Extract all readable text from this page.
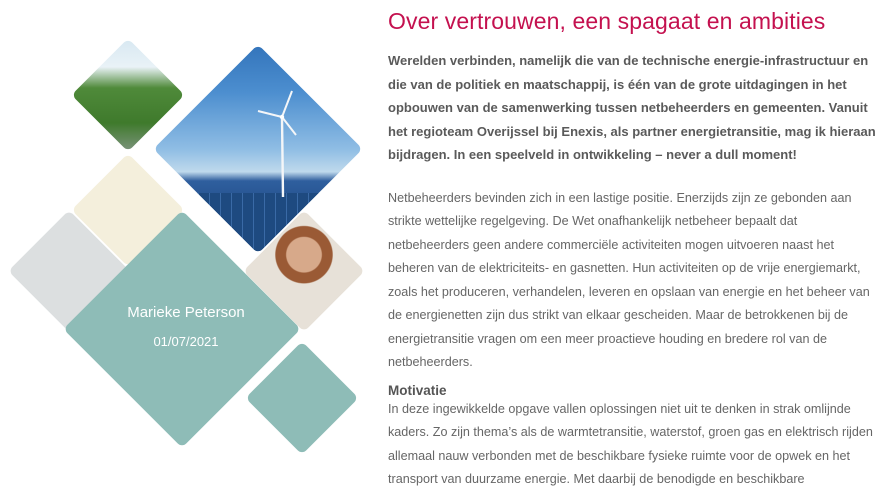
Marieke Peterson
01/07/2021
Over vertrouwen, een spagaat en ambities

Werelden verbinden, namelijk die van de technische energie-infrastructuur en die van de politiek en maatschappij, is één van de grote uitdagingen in het opbouwen van de samenwerking tussen netbeheerders en gemeenten. Vanuit het regioteam Overijssel bij Enexis, als partner energietransitie, mag ik hieraan bijdragen. In een speelveld in ontwikkeling – never a dull moment!

Netbeheerders bevinden zich in een lastige positie. Enerzijds zijn ze gebonden aan strikte wettelijke regelgeving. De Wet onafhankelijk netbeheer bepaalt dat netbeheerders geen andere commerciële activiteiten mogen uitvoeren naast het beheren van de elektriciteits- en gasnetten. Hun activiteiten op de vrije energiemarkt, zoals het produceren, verhandelen, leveren en opslaan van energie en het beheer van de energienetten zijn dus strikt van elkaar gescheiden. Maar de betrokkenen bij de energietransitie vragen om een meer proactieve houding en bredere rol van de netbeheerders.

Motivatie

In deze ingewikkelde opgave vallen oplossingen niet uit te denken in strak omlijnde kaders. Zo zijn thema’s als de warmtetransitie, waterstof, groen gas en elektrisch rijden allemaal nauw verbonden met de beschikbare fysieke ruimte voor de opwek en het transport van duurzame energie. Met daarbij de benodigde en beschikbare
